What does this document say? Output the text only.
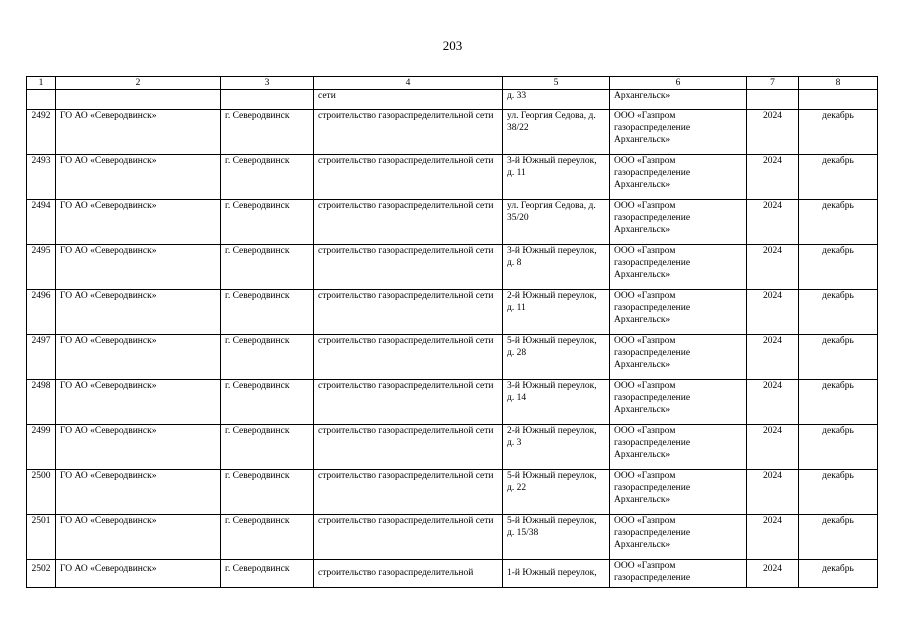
203
1	2	3	4	5	6	7	8
			сети	д. 33	Архангельск»		
2492	ГО АО «Северодвинск»	г. Северодвинск	строительство газораспределительной сети	ул. Георгия Седова, д. 38/22	ООО «Газпром газораспределение Архангельск»	2024	декабрь
2493	ГО АО «Северодвинск»	г. Северодвинск	строительство газораспределительной сети	3-й Южный переулок, д. 11	ООО «Газпром газораспределение Архангельск»	2024	декабрь
2494	ГО АО «Северодвинск»	г. Северодвинск	строительство газораспределительной сети	ул. Георгия Седова, д. 35/20	ООО «Газпром газораспределение Архангельск»	2024	декабрь
2495	ГО АО «Северодвинск»	г. Северодвинск	строительство газораспределительной сети	3-й Южный переулок, д. 8	ООО «Газпром газораспределение Архангельск»	2024	декабрь
2496	ГО АО «Северодвинск»	г. Северодвинск	строительство газораспределительной сети	2-й Южный переулок, д. 11	ООО «Газпром газораспределение Архангельск»	2024	декабрь
2497	ГО АО «Северодвинск»	г. Северодвинск	строительство газораспределительной сети	5-й Южный переулок, д. 28	ООО «Газпром газораспределение Архангельск»	2024	декабрь
2498	ГО АО «Северодвинск»	г. Северодвинск	строительство газораспределительной сети	3-й Южный переулок, д. 14	ООО «Газпром газораспределение Архангельск»	2024	декабрь
2499	ГО АО «Северодвинск»	г. Северодвинск	строительство газораспределительной сети	2-й Южный переулок, д. 3	ООО «Газпром газораспределение Архангельск»	2024	декабрь
2500	ГО АО «Северодвинск»	г. Северодвинск	строительство газораспределительной сети	5-й Южный переулок, д. 22	ООО «Газпром газораспределение Архангельск»	2024	декабрь
2501	ГО АО «Северодвинск»	г. Северодвинск	строительство газораспределительной сети	5-й Южный переулок, д. 15/38	ООО «Газпром газораспределение Архангельск»	2024	декабрь
2502	ГО АО «Северодвинск»	г. Северодвинск	строительство газораспределительной	1-й Южный переулок,	ООО «Газпром газораспределение	2024	декабрь
